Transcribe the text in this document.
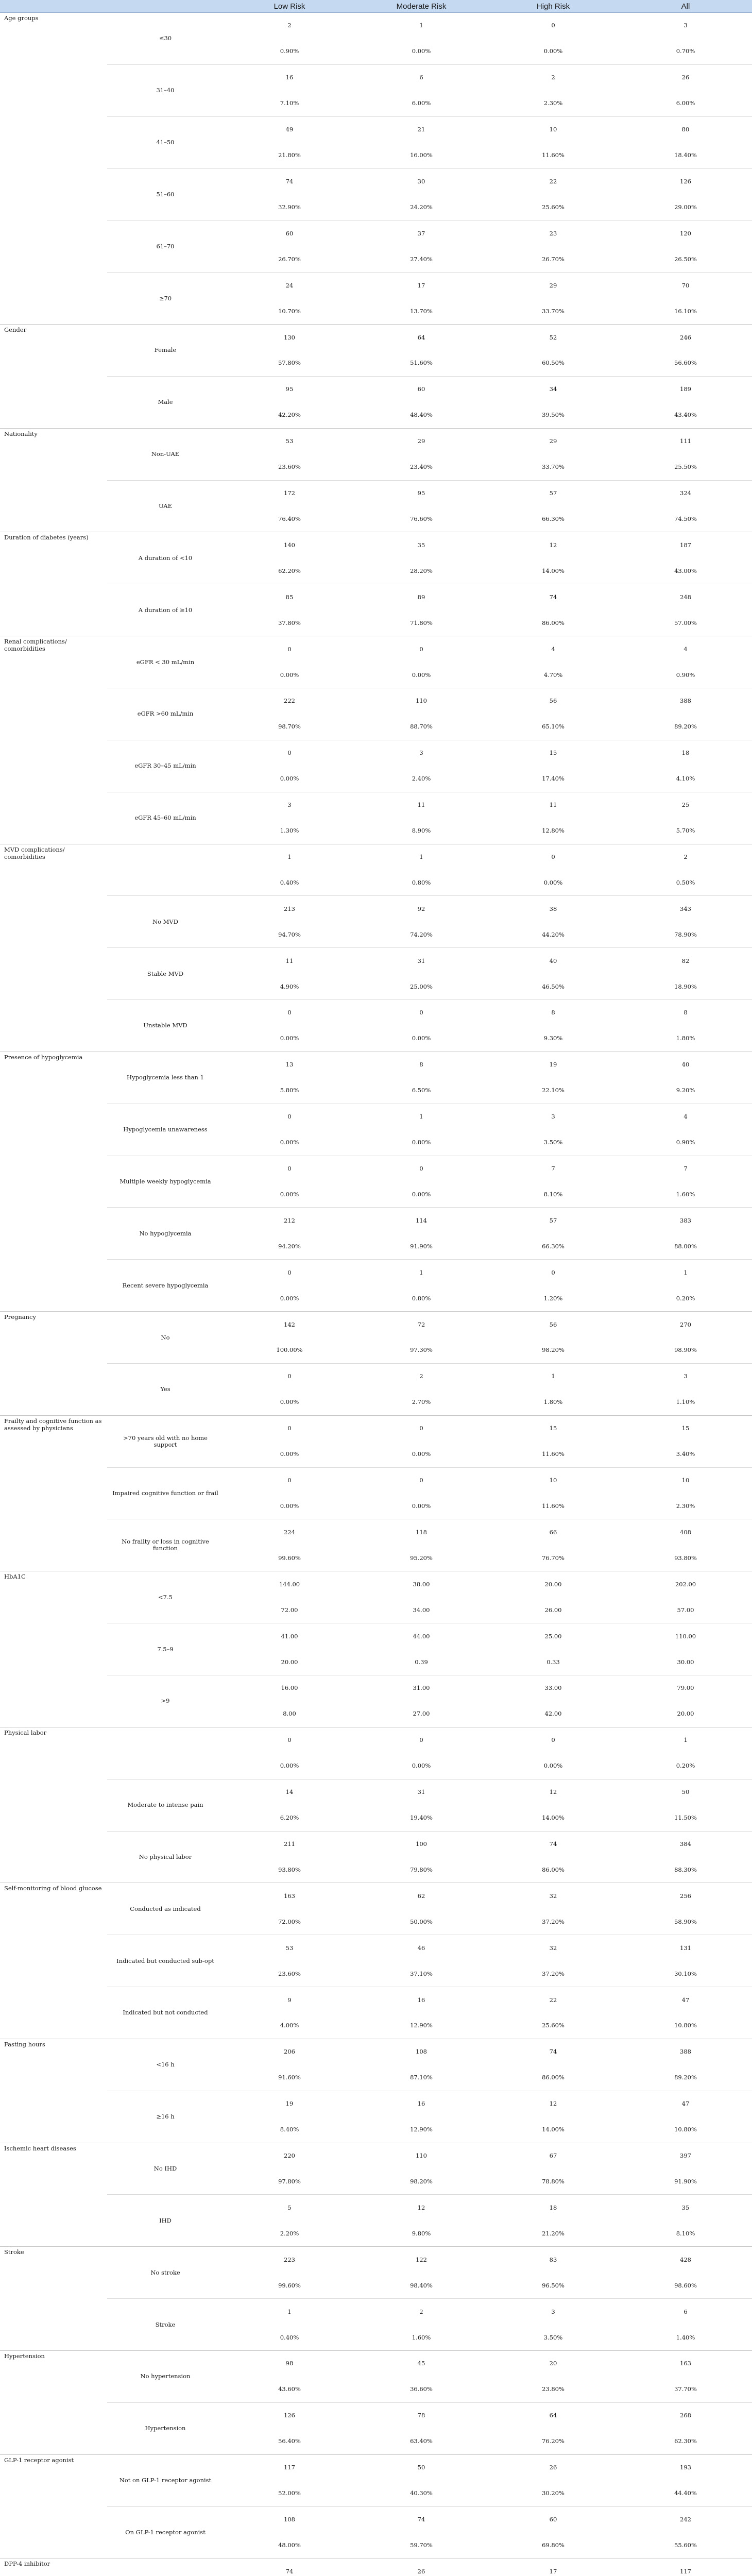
		Low Risk	Moderate Risk	High Risk	All
Age groups	≤30	2	1	0	3
		0.90%	0.00%	0.00%	0.70%
	31–40	16	6	2	26
		7.10%	6.00%	2.30%	6.00%
	41–50	49	21	10	80
		21.80%	16.00%	11.60%	18.40%
	51–60	74	30	22	126
		32.90%	24.20%	25.60%	29.00%
	61–70	60	37	23	120
		26.70%	27.40%	26.70%	26.50%
	≥70	24	17	29	70
		10.70%	13.70%	33.70%	16.10%
Gender	Female	130	64	52	246
		57.80%	51.60%	60.50%	56.60%
	Male	95	60	34	189
		42.20%	48.40%	39.50%	43.40%
Nationality	Non-UAE	53	29	29	111
		23.60%	23.40%	33.70%	25.50%
	UAE	172	95	57	324
		76.40%	76.60%	66.30%	74.50%
Duration of diabetes (years)	A duration of <10	140	35	12	187
		62.20%	28.20%	14.00%	43.00%
	A duration of ≥10	85	89	74	248
		37.80%	71.80%	86.00%	57.00%
Renal complications/ comorbidities	eGFR < 30 mL/min	0	0	4	4
		0.00%	0.00%	4.70%	0.90%
	eGFR >60 mL/min	222	110	56	388
		98.70%	88.70%	65.10%	89.20%
	eGFR 30–45 mL/min	0	3	15	18
		0.00%	2.40%	17.40%	4.10%
	eGFR 45–60 mL/min	3	11	11	25
		1.30%	8.90%	12.80%	5.70%
MVD complications/ comorbidities		1	1	0	2
		0.40%	0.80%	0.00%	0.50%
	No MVD	213	92	38	343
		94.70%	74.20%	44.20%	78.90%
	Stable MVD	11	31	40	82
		4.90%	25.00%	46.50%	18.90%
	Unstable MVD	0	0	8	8
		0.00%	0.00%	9.30%	1.80%
Presence of hypoglycemia	Hypoglycemia less than 1	13	8	19	40
		5.80%	6.50%	22.10%	9.20%
	Hypoglycemia unawareness	0	1	3	4
		0.00%	0.80%	3.50%	0.90%
	Multiple weekly hypoglycemia	0	0	7	7
		0.00%	0.00%	8.10%	1.60%
	No hypoglycemia	212	114	57	383
		94.20%	91.90%	66.30%	88.00%
	Recent severe hypoglycemia	0	1	0	1
		0.00%	0.80%	1.20%	0.20%
Pregnancy	No	142	72	56	270
		100.00%	97.30%	98.20%	98.90%
	Yes	0	2	1	3
		0.00%	2.70%	1.80%	1.10%
Frailty and cognitive function as assessed by physicians	>70 years old with no home support	0	0	15	15
		0.00%	0.00%	11.60%	3.40%
	Impaired cognitive function or frail	0	0	10	10
		0.00%	0.00%	11.60%	2.30%
	No frailty or loss in cognitive function	224	118	66	408
		99.60%	95.20%	76.70%	93.80%
HbA1C	<7.5	144.00	38.00	20.00	202.00
		72.00	34.00	26.00	57.00
	7.5–9	41.00	44.00	25.00	110.00
		20.00	0.39	0.33	30.00
	>9	16.00	31.00	33.00	79.00
		8.00	27.00	42.00	20.00
Physical labor		0	0	0	1
		0.00%	0.00%	0.00%	0.20%
	Moderate to intense pain	14	31	12	50
		6.20%	19.40%	14.00%	11.50%
	No physical labor	211	100	74	384
		93.80%	79.80%	86.00%	88.30%
Self-monitoring of blood glucose	Conducted as indicated	163	62	32	256
		72.00%	50.00%	37.20%	58.90%
	Indicated but conducted sub-opt	53	46	32	131
		23.60%	37.10%	37.20%	30.10%
	Indicated but not conducted	9	16	22	47
		4.00%	12.90%	25.60%	10.80%
Fasting hours	<16 h	206	108	74	388
		91.60%	87.10%	86.00%	89.20%
	≥16 h	19	16	12	47
		8.40%	12.90%	14.00%	10.80%
Ischemic heart diseases	No IHD	220	110	67	397
		97.80%	98.20%	78.80%	91.90%
	IHD	5	12	18	35
		2.20%	9.80%	21.20%	8.10%
Stroke	No stroke	223	122	83	428
		99.60%	98.40%	96.50%	98.60%
	Stroke	1	2	3	6
		0.40%	1.60%	3.50%	1.40%
Hypertension	No hypertension	98	45	20	163
		43.60%	36.60%	23.80%	37.70%
	Hypertension	126	78	64	268
		56.40%	63.40%	76.20%	62.30%
GLP-1 receptor agonist	Not on GLP-1 receptor agonist	117	50	26	193
		52.00%	40.30%	30.20%	44.40%
	On GLP-1 receptor agonist	108	74	60	242
		48.00%	59.70%	69.80%	55.60%
DPP-4 inhibitor		74	26	17	117
